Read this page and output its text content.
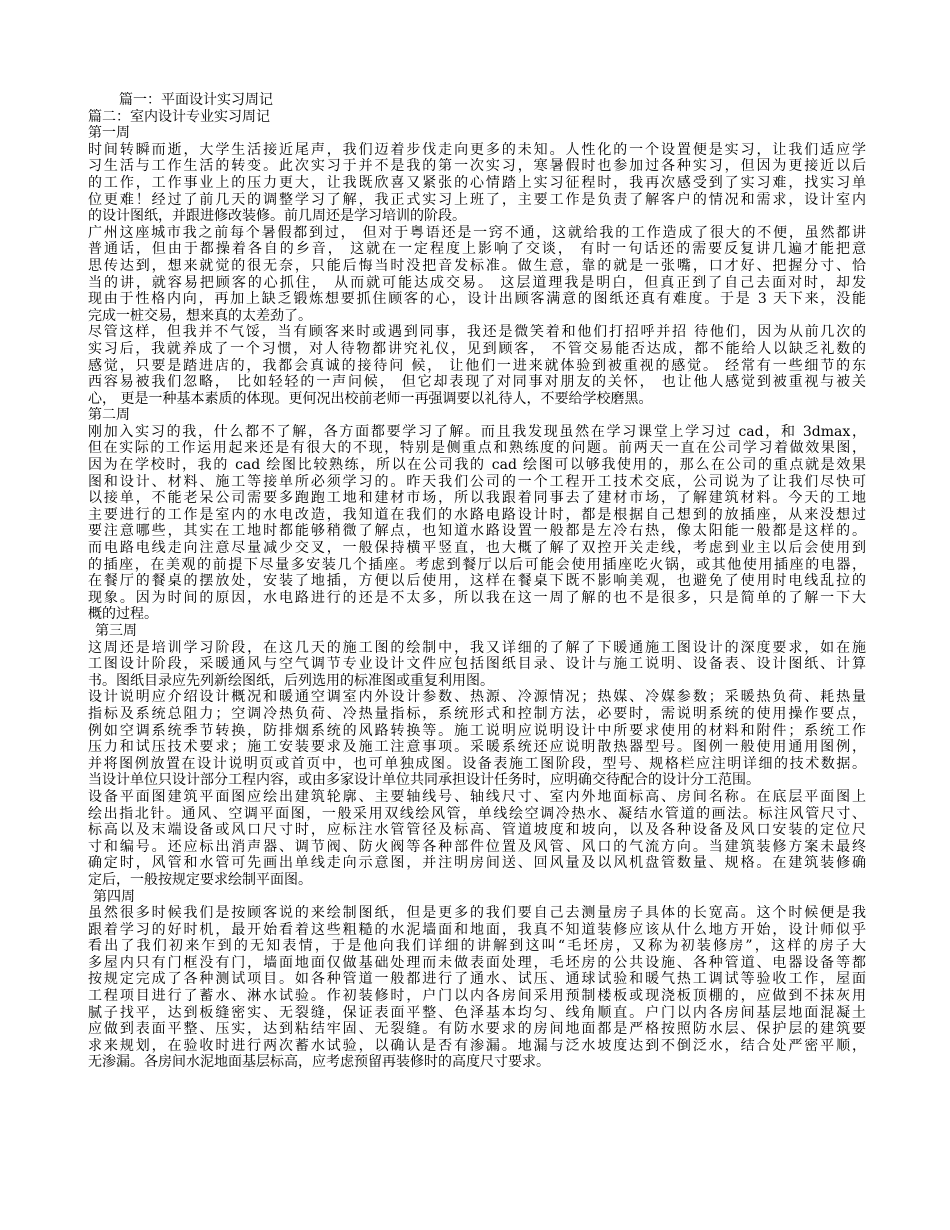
篇一：平面设计实习周记
篇二：室内设计专业实习周记
第一周
时间转瞬而逝，大学生活接近尾声，我们迈着步伐走向更多的未知。人性化的一个设置便是实习，让我们适应学
习生活与工作生活的转变。此次实习于并不是我的第一次实习，寒暑假时也参加过各种实习，但因为更接近以后
的工作，工作事业上的压力更大，让我既欣喜又紧张的心情踏上实习征程时，我再次感受到了实习难，找实习单
位更难！经过了前几天的调整学习了解，我正式实习上班了，主要工作是负责了解客户的情况和需求，设计室内
的设计图纸，并跟进修改装修。前几周还是学习培训的阶段。
广州这座城市我之前每个暑假都到过， 但对于粤语还是一窍不通，这就给我的工作造成了很大的不便，虽然都讲
普通话，但由于都操着各自的乡音， 这就在一定程度上影响了交谈， 有时一句话还的需要反复讲几遍才能把意
思传达到，想来就觉的很无奈，只能后悔当时没把音发标准。做生意，靠的就是一张嘴，口才好、把握分寸、恰
当的讲，就容易把顾客的心抓住， 从而就可能达成交易。 这层道理我是明白，但真正到了自己去面对时，却发
现由于性格内向，再加上缺乏锻炼想要抓住顾客的心，设计出顾客满意的图纸还真有难度。于是 3 天下来，没能
完成一桩交易，想来真的太差劲了。
尽管这样，但我并不气馁，当有顾客来时或遇到同事，我还是微笑着和他们打招呼并招 待他们，因为从前几次的
实习后，我就养成了一个习惯，对人待物都讲究礼仪，见到顾客， 不管交易能否达成，都不能给人以缺乏礼数的
感觉，只要是踏进店的，我都会真诚的接待问 候， 让他们一进来就体验到被重视的感觉。 经常有一些细节的东
西容易被我们忽略， 比如轻轻的一声问候， 但它却表现了对同事对朋友的关怀， 也让他人感觉到被重视与被关
心， 更是一种基本素质的体现。更何况出校前老师一再强调要以礼待人，不要给学校磨黑。
第二周
刚加入实习的我，什么都不了解，各方面都要学习了解。而且我发现虽然在学习课堂上学习过 cad，和 3dmax，
但在实际的工作运用起来还是有很大的不现，特别是侧重点和熟练度的问题。前两天一直在公司学习着做效果图，
因为在学校时，我的 cad 绘图比较熟练，所以在公司我的 cad 绘图可以够我使用的，那么在公司的重点就是效果
图和设计、材料、施工等接单所必须学习的。昨天我们公司的一个工程开工技术交底，公司说为了让我们尽快可
以接单，不能老呆公司需要多跑跑工地和建材市场，所以我跟着同事去了建材市场，了解建筑材料。今天的工地
主要进行的工作是室内的水电改造，我知道在我们的水路电路设计时，都是根据自己想到的放插座，从来没想过
要注意哪些，其实在工地时都能够稍微了解点，也知道水路设置一般都是左冷右热，像太阳能一般都是这样的。
而电路电线走向注意尽量减少交叉，一般保持横平竖直，也大概了解了双控开关走线，考虑到业主以后会使用到
的插座，在美观的前提下尽量多安装几个插座。考虑到餐厅以后可能会使用插座吃火锅，或其他使用插座的电器，
在餐厅的餐桌的摆放处，安装了地插，方便以后使用，这样在餐桌下既不影响美观，也避免了使用时电线乱拉的
现象。因为时间的原因，水电路进行的还是不太多，所以我在这一周了解的也不是很多，只是简单的了解一下大
概的过程。
第三周
这周还是培训学习阶段，在这几天的施工图的绘制中，我又详细的了解了下暖通施工图设计的深度要求，如在施
工图设计阶段，采暖通风与空气调节专业设计文件应包括图纸目录、设计与施工说明、设备表、设计图纸、计算
书。图纸目录应先列新绘图纸，后列选用的标准图或重复利用图。
设计说明应介绍设计概况和暖通空调室内外设计参数、热源、冷源情况；热媒、冷媒参数；采暖热负荷、耗热量
指标及系统总阻力；空调冷热负荷、冷热量指标，系统形式和控制方法，必要时，需说明系统的使用操作要点，
例如空调系统季节转换，防排烟系统的风路转换等。施工说明应说明设计中所要求使用的材料和附件；系统工作
压力和试压技术要求；施工安装要求及施工注意事项。采暖系统还应说明散热器型号。图例一般使用通用图例，
并将图例放置在设计说明页或首页中，也可单独成图。设备表施工图阶段，型号、规格栏应注明详细的技术数据。
当设计单位只设计部分工程内容，或由多家设计单位共同承担设计任务时，应明确交待配合的设计分工范围。
设备平面图建筑平面图应绘出建筑轮廓、主要轴线号、轴线尺寸、室内外地面标高、房间名称。在底层平面图上
绘出指北针。通风、空调平面图，一般采用双线绘风管，单线绘空调冷热水、凝结水管道的画法。标注风管尺寸、
标高以及末端设备或风口尺寸时，应标注水管管径及标高、管道坡度和坡向，以及各种设备及风口安装的定位尺
寸和编号。还应标出消声器、调节阀、防火阀等各种部件位置及风管、风口的气流方向。当建筑装修方案未最终
确定时，风管和水管可先画出单线走向示意图，并注明房间送、回风量及以风机盘管数量、规格。在建筑装修确
定后，一般按规定要求绘制平面图。
第四周
虽然很多时候我们是按顾客说的来绘制图纸，但是更多的我们要自己去测量房子具体的长宽高。这个时候便是我
跟着学习的好时机，最开始看着这些粗糙的水泥墙面和地面，我真不知道装修应该从什么地方开始，设计师似乎
看出了我们初来乍到的无知表情，于是他向我们详细的讲解到这叫“毛坯房，又称为初装修房”，这样的房子大
多屋内只有门框没有门，墙面地面仅做基础处理而未做表面处理，毛坯房的公共设施、各种管道、电器设备等都
按规定完成了各种测试项目。如各种管道一般都进行了通水、试压、通球试验和暖气热工调试等验收工作，屋面
工程项目进行了蓄水、淋水试验。作初装修时，户门以内各房间采用预制楼板或现浇板顶棚的，应做到不抹灰用
腻子找平，达到板缝密实、无裂缝，保证表面平整、色泽基本均匀、线角顺直。户门以内各房间基层地面混凝土
应做到表面平整、压实，达到粘结牢固、无裂缝。有防水要求的房间地面都是严格按照防水层、保护层的建筑要
求来规划，在验收时进行两次蓄水试验，以确认是否有渗漏。地漏与泛水坡度达到不倒泛水，结合处严密平顺，
无渗漏。各房间水泥地面基层标高，应考虑预留再装修时的高度尺寸要求。
